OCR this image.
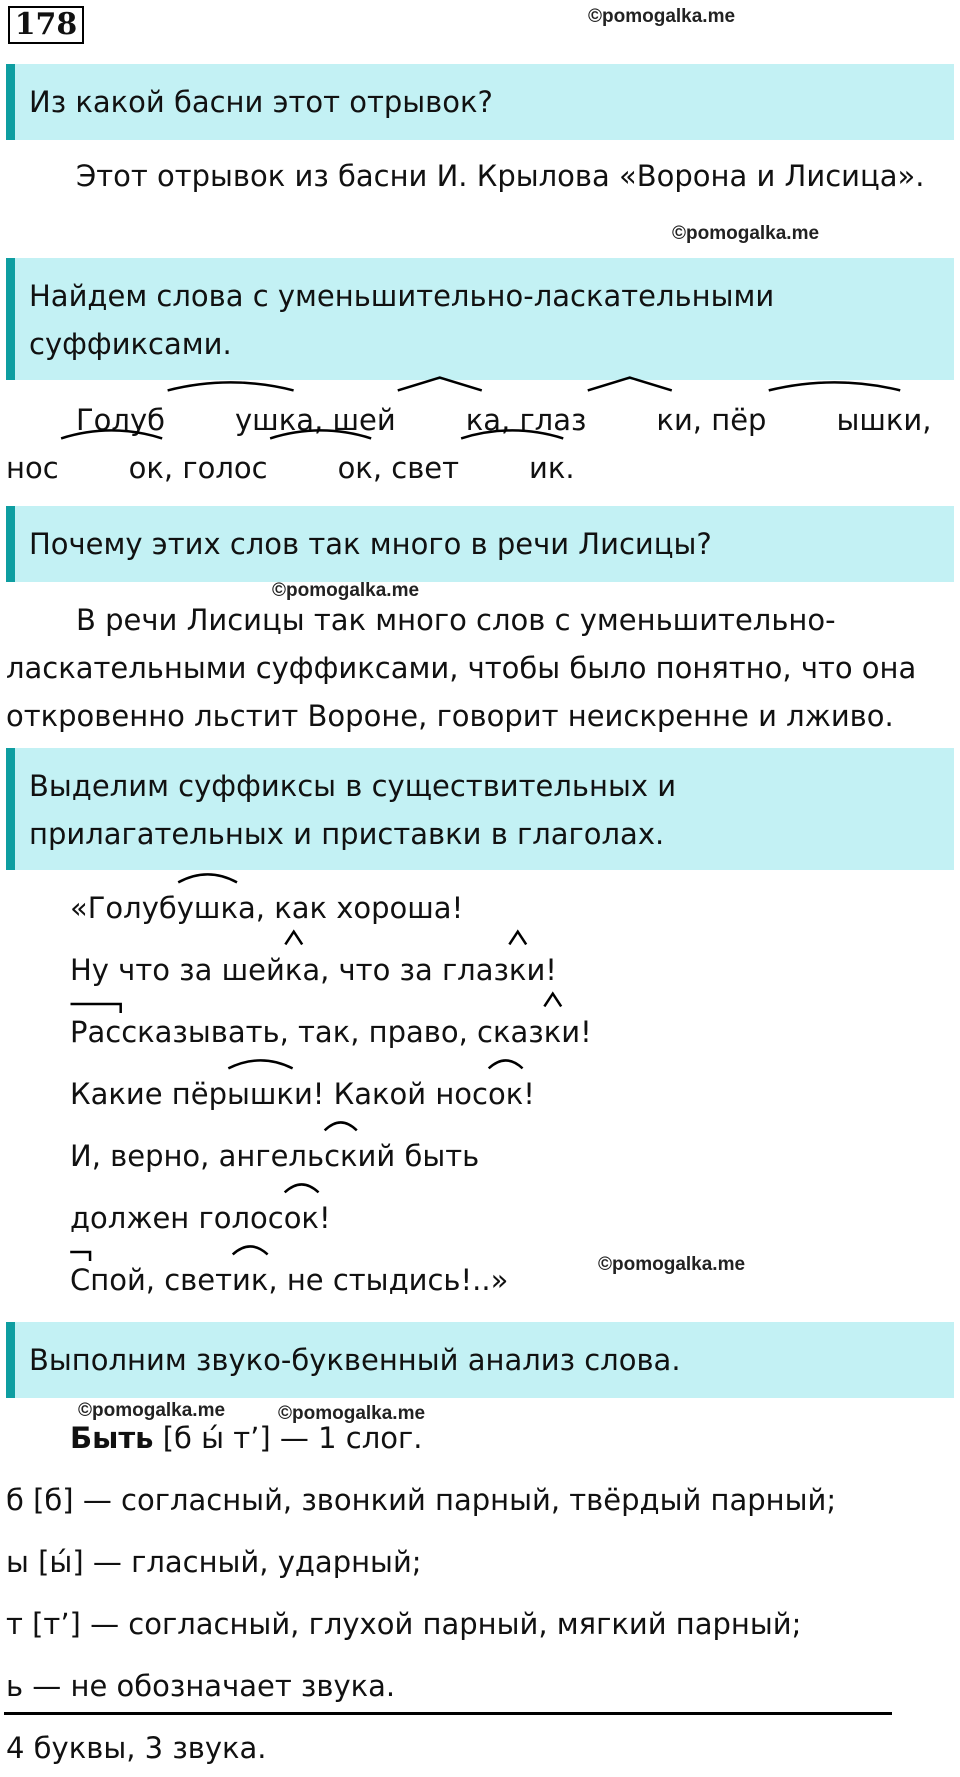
178	©pomogalka.me
Из какой басни этот отрывок?
Этот отрывок из басни И. Крылова «Ворона и Лисица».
©pomogalka.me
Найдем слова с уменьшительно-ласкательными суффиксами.
Голуб ушк
а, шей к
а, глаз к
и, пёр ышк
и, нос ок
, голос ок
, свет ик
.
Почему этих слов так много в речи Лисицы?
©pomogalka.me
В речи Лисицы так много слов с уменьшительно-ласкательными суффиксами, чтобы было понятно, что она откровенно льстит Вороне, говорит неискренне и лживо.
Выделим суффиксы в существительных и прилагательных и приставки в глаголах.
«Голубушк
а, как хороша!
Ну что за шейк
а, что за глазк
и!
Рас
сказывать, так, право, сказк
и!
Какие пёрышк
и! Какой носок
!
И, верно, ангельск
ий быть
должен голосок
!
С
пой, светик
, не стыдись!..»	©pomogalka.me
Выполним звуко-буквенный анализ слова.
©pomogalka.me	©pomogalka.me
Быть [б ы́ т’] — 1 слог.
б [б] — согласный, звонкий парный, твёрдый парный;
ы [ы́] — гласный, ударный;
т [т’] — согласный, глухой парный, мягкий парный;
ь — не обозначает звука.
4 буквы, 3 звука.
